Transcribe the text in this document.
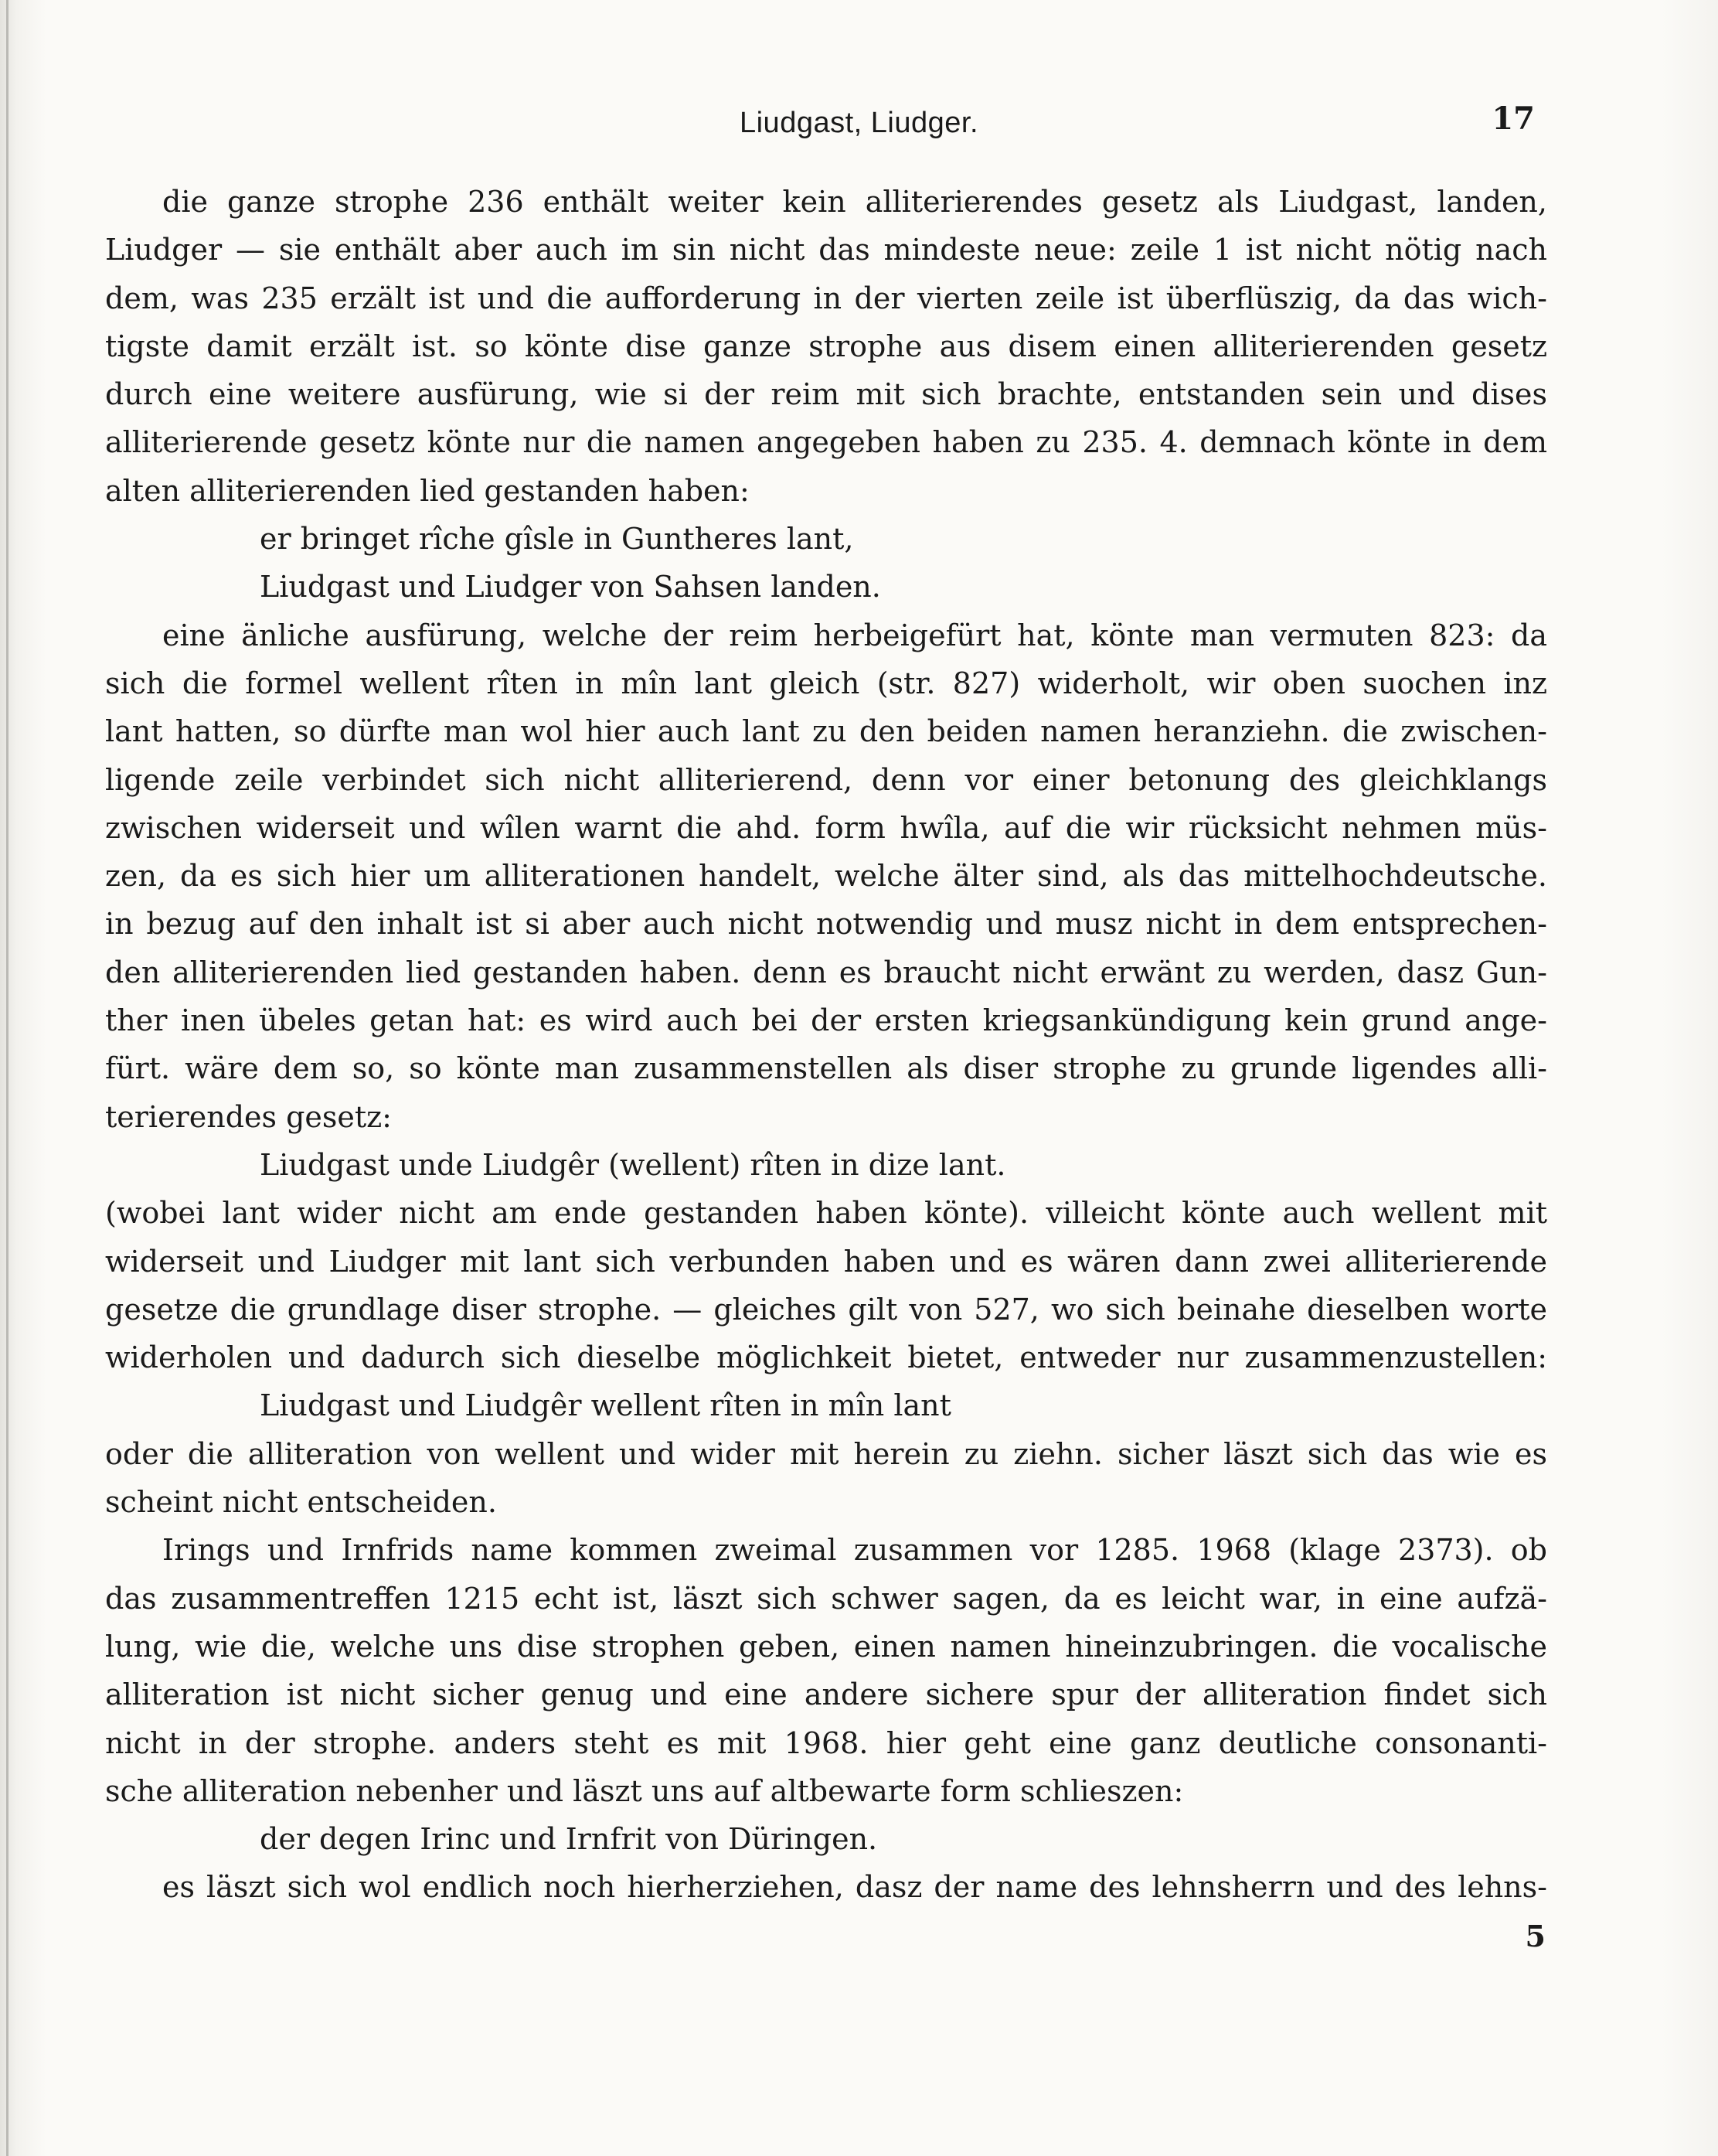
Liudgast, Liudger.	17
die ganze strophe 236 enthält weiter kein alliterierendes gesetz als Liudgast, landen,
Liudger — sie enthält aber auch im sin nicht das mindeste neue: zeile 1 ist nicht nötig nach
dem, was 235 erzält ist und die aufforderung in der vierten zeile ist überflüszig, da das wich-
tigste damit erzält ist. so könte dise ganze strophe aus disem einen alliterierenden gesetz
durch eine weitere ausfürung, wie si der reim mit sich brachte, entstanden sein und dises
alliterierende gesetz könte nur die namen angegeben haben zu 235. 4. demnach könte in dem
alten alliterierenden lied gestanden haben:
er bringet rîche gîsle in Guntheres lant,
Liudgast und Liudger von Sahsen landen.
eine änliche ausfürung, welche der reim herbeigefürt hat, könte man vermuten 823: da
sich die formel wellent rîten in mîn lant gleich (str. 827) widerholt, wir oben suochen inz
lant hatten, so dürfte man wol hier auch lant zu den beiden namen heranziehn. die zwischen-
ligende zeile verbindet sich nicht alliterierend, denn vor einer betonung des gleichklangs
zwischen widerseit und wîlen warnt die ahd. form hwîla, auf die wir rücksicht nehmen müs-
zen, da es sich hier um alliterationen handelt, welche älter sind, als das mittelhochdeutsche.
in bezug auf den inhalt ist si aber auch nicht notwendig und musz nicht in dem entsprechen-
den alliterierenden lied gestanden haben. denn es braucht nicht erwänt zu werden, dasz Gun-
ther inen übeles getan hat: es wird auch bei der ersten kriegsankündigung kein grund ange-
fürt. wäre dem so, so könte man zusammenstellen als diser strophe zu grunde ligendes alli-
terierendes gesetz:
Liudgast unde Liudgêr (wellent) rîten in dize lant.
(wobei lant wider nicht am ende gestanden haben könte). villeicht könte auch wellent mit
widerseit und Liudger mit lant sich verbunden haben und es wären dann zwei alliterierende
gesetze die grundlage diser strophe. — gleiches gilt von 527, wo sich beinahe dieselben worte
widerholen und dadurch sich dieselbe möglichkeit bietet, entweder nur zusammenzustellen:
Liudgast und Liudgêr wellent rîten in mîn lant
oder die alliteration von wellent und wider mit herein zu ziehn. sicher läszt sich das wie es
scheint nicht entscheiden.
Irings und Irnfrids name kommen zweimal zusammen vor 1285. 1968 (klage 2373). ob
das zusammentreffen 1215 echt ist, läszt sich schwer sagen, da es leicht war, in eine aufzä-
lung, wie die, welche uns dise strophen geben, einen namen hineinzubringen. die vocalische
alliteration ist nicht sicher genug und eine andere sichere spur der alliteration findet sich
nicht in der strophe. anders steht es mit 1968. hier geht eine ganz deutliche consonanti-
sche alliteration nebenher und läszt uns auf altbewarte form schlieszen:
der degen Irinc und Irnfrit von Düringen.
es läszt sich wol endlich noch hierherziehen, dasz der name des lehnsherrn und des lehns-
5
